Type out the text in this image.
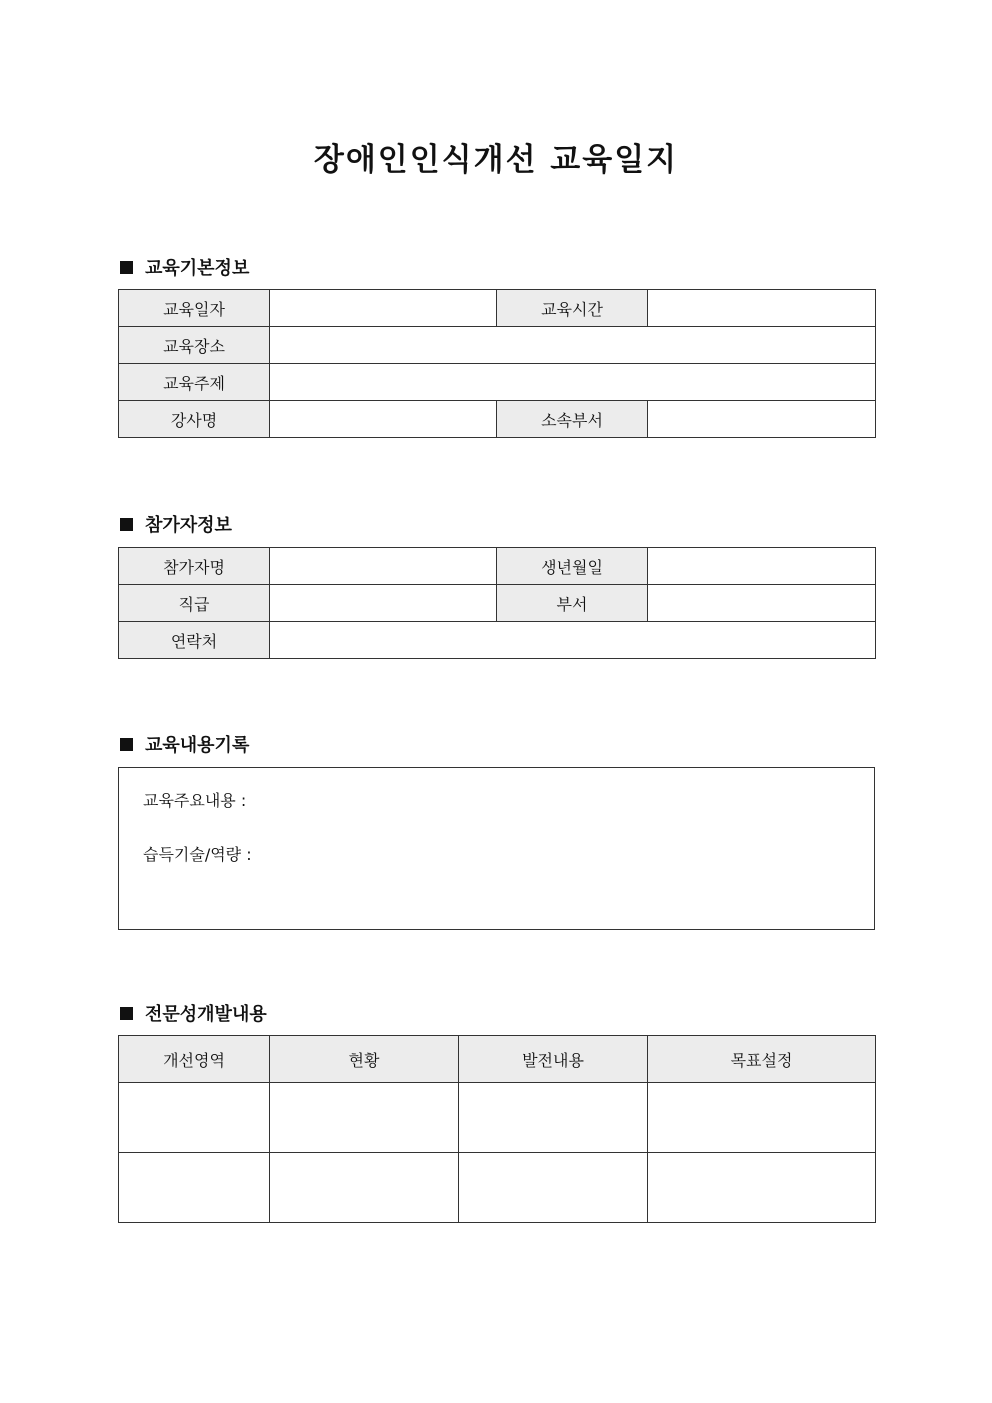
장애인인식개선 교육일지
교육기본정보
교육일자		교육시간	
교육장소			
교육주제			
강사명		소속부서	
참가자정보
참가자명		생년월일	
직급		부서	
연락처			
교육내용기록
교육주요내용 :
습득기술/역량 :
전문성개발내용
개선영역	현황	발전내용	목표설정
